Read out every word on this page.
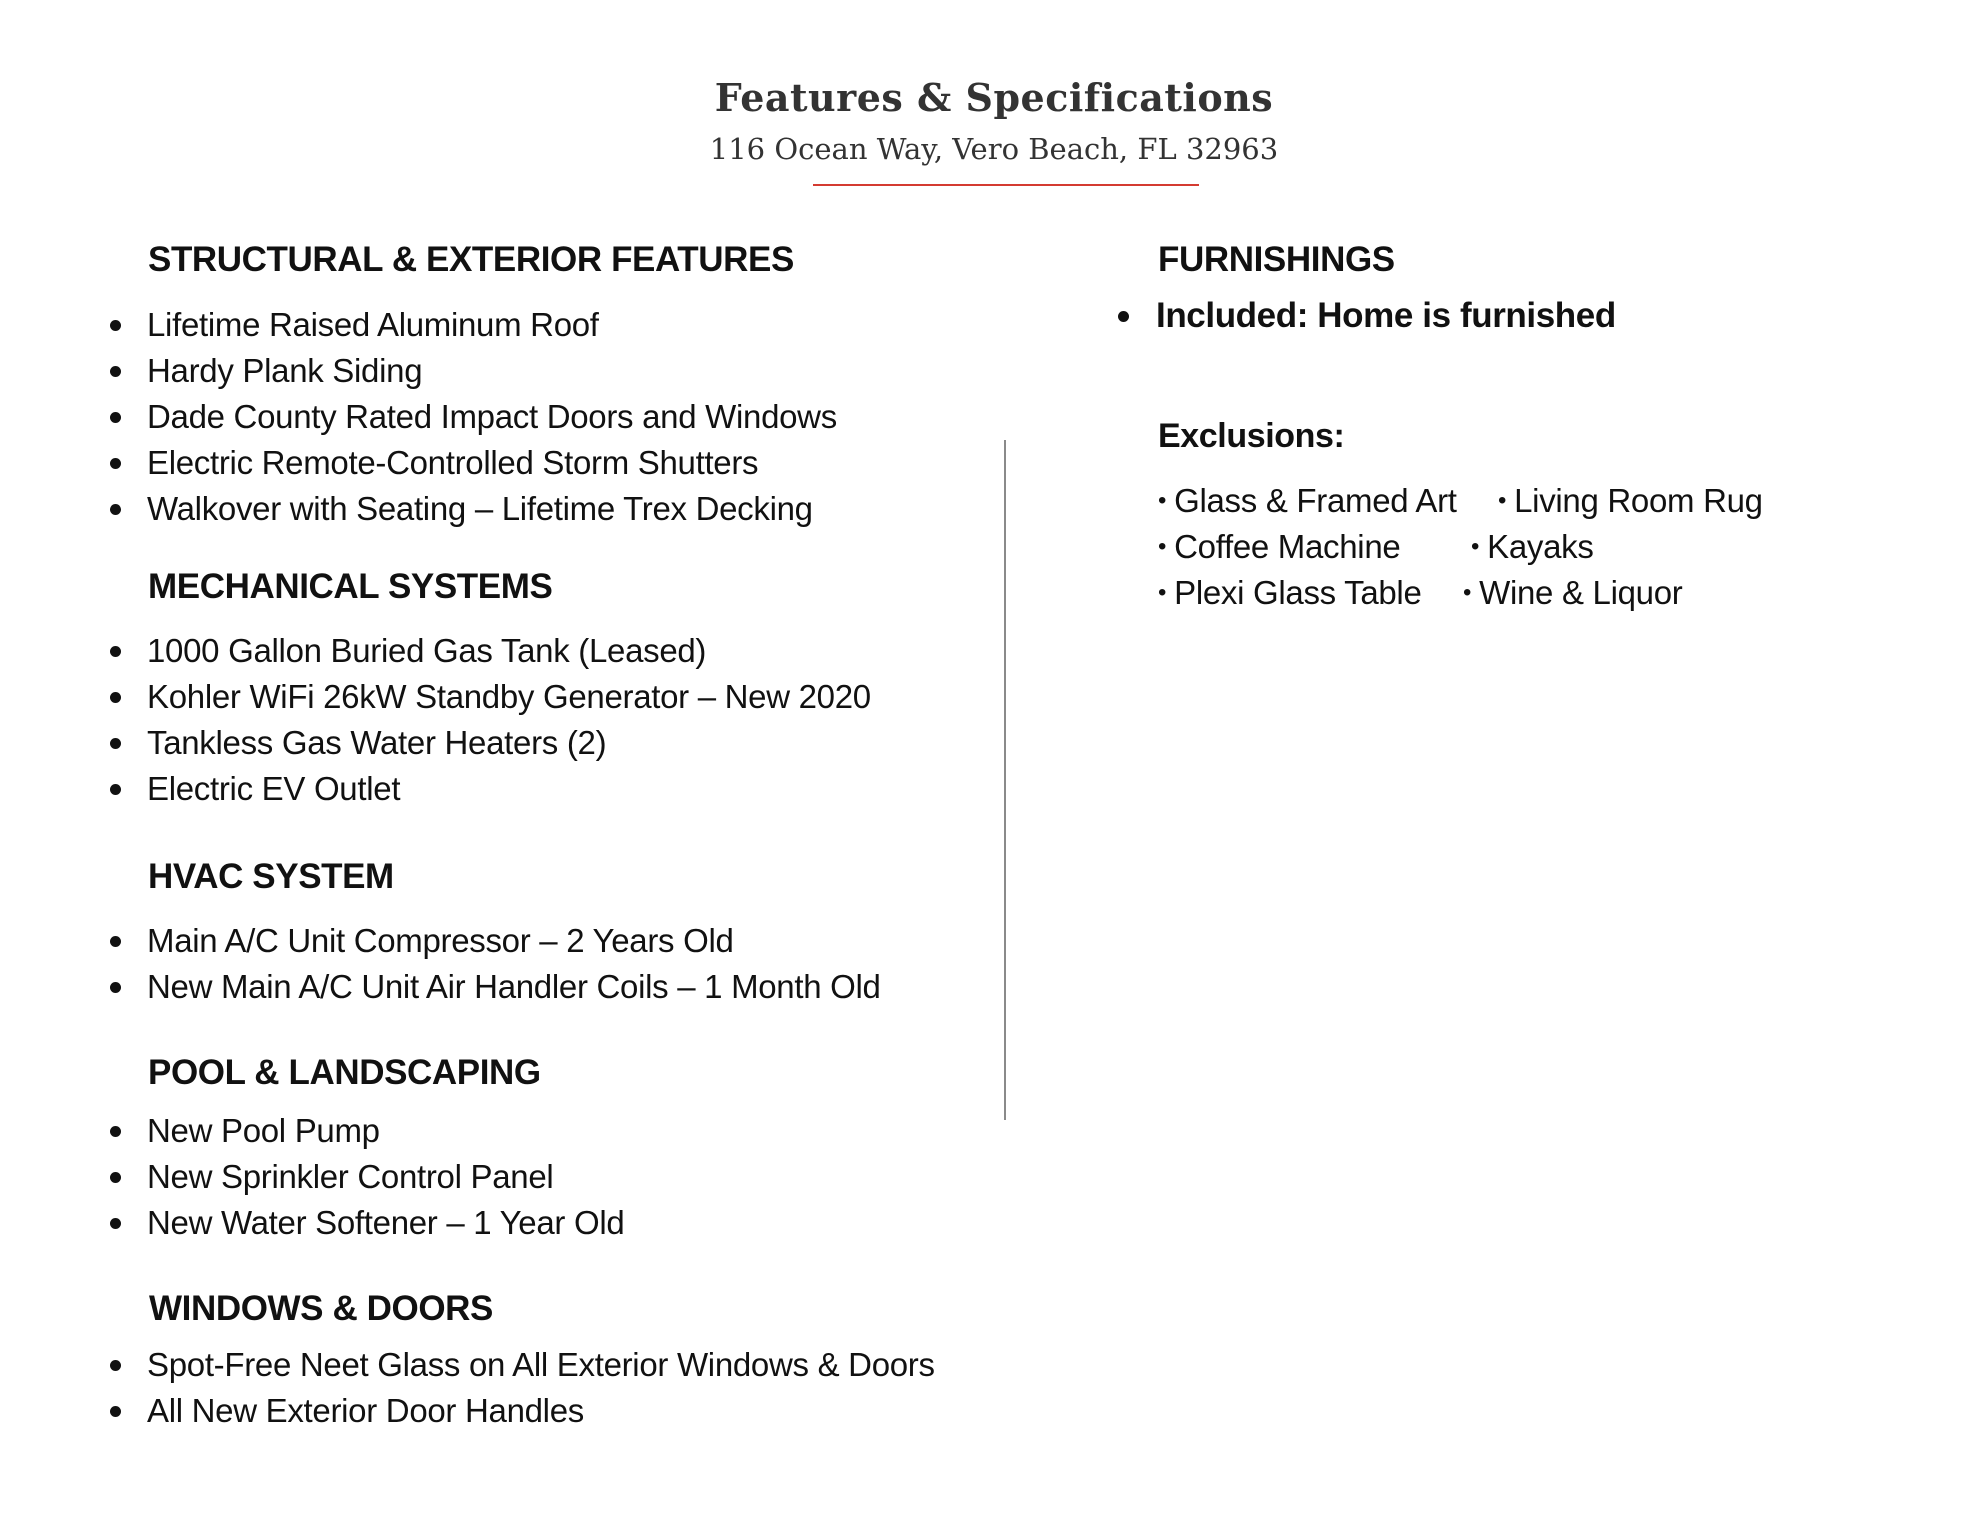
Features & Specifications

116 Ocean Way, Vero Beach, FL 32963

STRUCTURAL & EXTERIOR FEATURES
Lifetime Raised Aluminum Roof
Hardy Plank Siding
Dade County Rated Impact Doors and Windows
Electric Remote-Controlled Storm Shutters
Walkover with Seating – Lifetime Trex Decking
MECHANICAL SYSTEMS
1000 Gallon Buried Gas Tank (Leased)
Kohler WiFi 26kW Standby Generator – New 2020
Tankless Gas Water Heaters (2)
Electric EV Outlet
HVAC SYSTEM
Main A/C Unit Compressor – 2 Years Old
New Main A/C Unit Air Handler Coils – 1 Month Old
POOL & LANDSCAPING
New Pool Pump
New Sprinkler Control Panel
New Water Softener – 1 Year Old
WINDOWS & DOORS
Spot-Free Neet Glass on All Exterior Windows & Doors
All New Exterior Door Handles
FURNISHINGS
Included: Home is furnished
Exclusions:
• Glass & Framed Art • Living Room Rug
• Coffee Machine	• Kayaks
• Plexi Glass Table • Wine & Liquor
